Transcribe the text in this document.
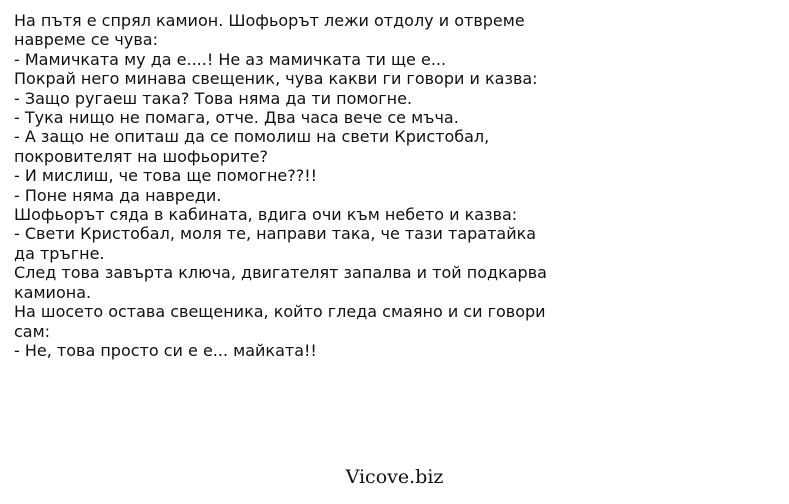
На пътя е спрял камион. Шофьорът лежи отдолу и отвреме
навреме се чува:
- Мамичката му да е....! Не аз мамичката ти ще е...
Покрай него минава свещеник, чува какви ги говори и казва:
- Защо ругаеш така? Това няма да ти помогне.
- Тука нищо не помага, отче. Два часа вече се мъча.
- А защо не опиташ да се помолиш на свети Кристобал,
покровителят на шофьорите?
- И мислиш, че това ще помогне??!!
- Поне няма да навреди.
Шофьорът сяда в кабината, вдига очи към небето и казва:
- Свети Кристобал, моля те, направи така, че тази таратайка
да тръгне.
След това завърта ключа, двигателят запалва и той подкарва
камиона.
На шосето остава свещеника, който гледа смаяно и си говори
сам:
- Не, това просто си е е... майката!!
Vicove.biz
